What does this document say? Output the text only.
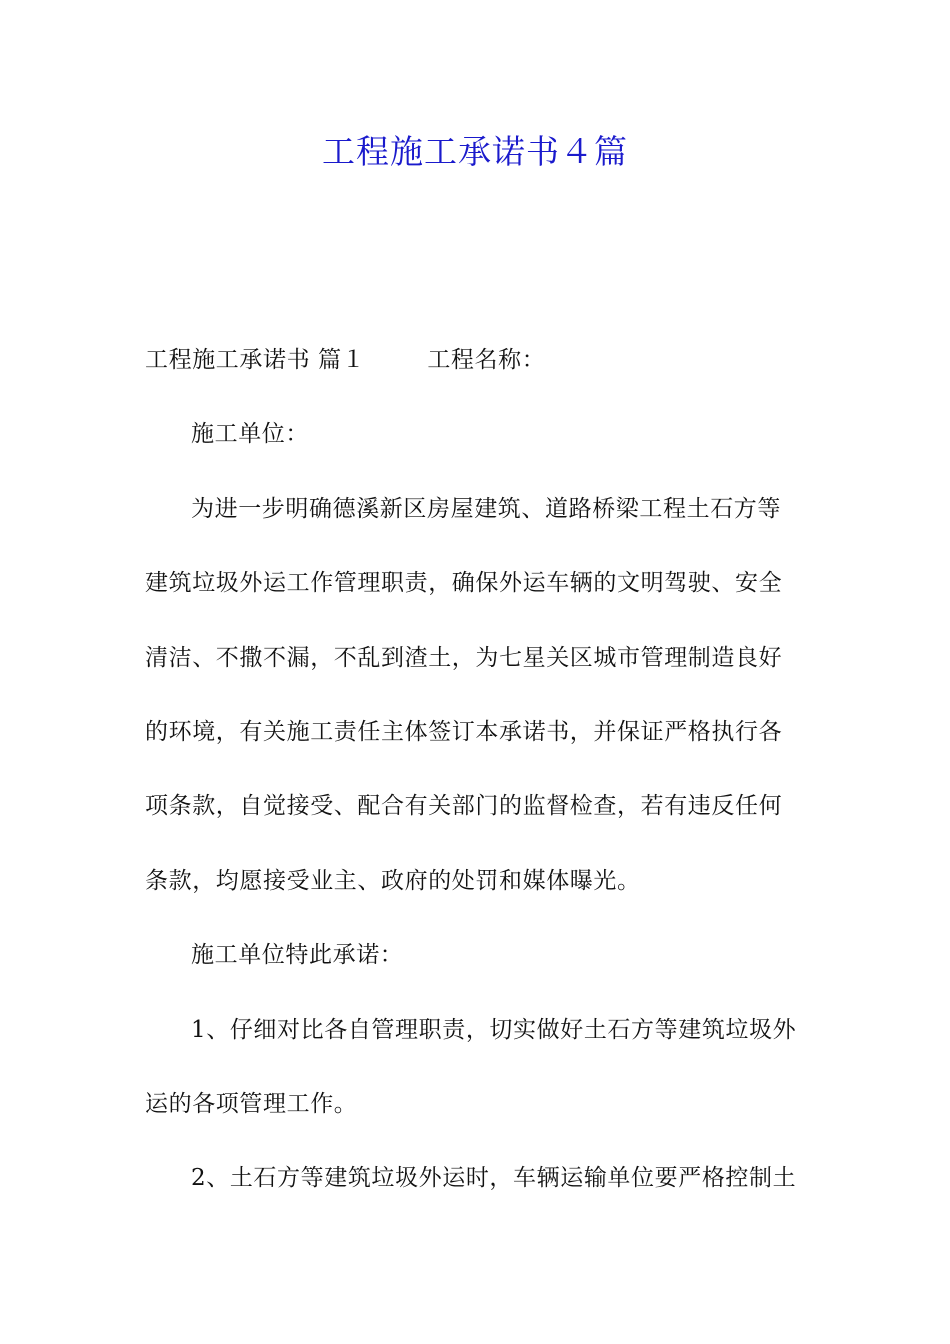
工程施工承诺书４篇

工程施工承诺书 篇１	工程名称：

施工单位：

为进一步明确德溪新区房屋建筑、道路桥梁工程土石方等

建筑垃圾外运工作管理职责，确保外运车辆的文明驾驶、安全

清洁、不撒不漏，不乱到渣土，为七星关区城市管理制造良好

的环境，有关施工责任主体签订本承诺书，并保证严格执行各

项条款，自觉接受、配合有关部门的监督检查，若有违反任何

条款，均愿接受业主、政府的处罚和媒体曝光。

施工单位特此承诺：

1、仔细对比各自管理职责，切实做好土石方等建筑垃圾外

运的各项管理工作。

2、土石方等建筑垃圾外运时，车辆运输单位要严格控制土
